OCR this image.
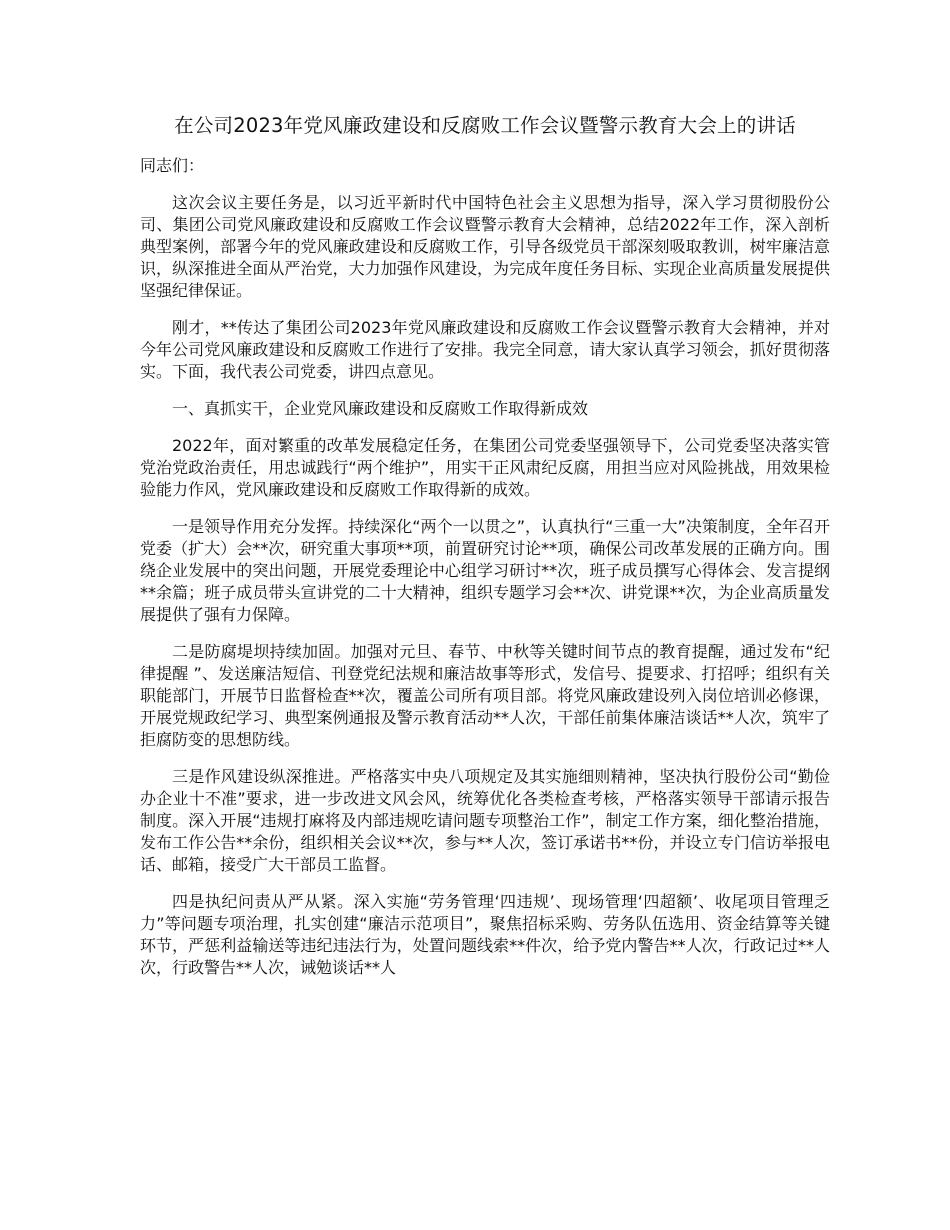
在公司2023年党风廉政建设和反腐败工作会议暨警示教育大会上的讲话

同志们：

这次会议主要任务是，以习近平新时代中国特色社会主义思想为指导，深入学习贯彻股份公司、集团公司党风廉政建设和反腐败工作会议暨警示教育大会精神，总结2022年工作，深入剖析典型案例，部署今年的党风廉政建设和反腐败工作，引导各级党员干部深刻吸取教训，树牢廉洁意识，纵深推进全面从严治党，大力加强作风建设，为完成年度任务目标、实现企业高质量发展提供坚强纪律保证。

刚才，**传达了集团公司2023年党风廉政建设和反腐败工作会议暨警示教育大会精神，并对今年公司党风廉政建设和反腐败工作进行了安排。我完全同意，请大家认真学习领会，抓好贯彻落实。下面，我代表公司党委，讲四点意见。

一、真抓实干，企业党风廉政建设和反腐败工作取得新成效

2022年，面对繁重的改革发展稳定任务，在集团公司党委坚强领导下，公司党委坚决落实管党治党政治责任，用忠诚践行“两个维护”，用实干正风肃纪反腐，用担当应对风险挑战，用效果检验能力作风，党风廉政建设和反腐败工作取得新的成效。

一是领导作用充分发挥。持续深化“两个一以贯之”，认真执行“三重一大”决策制度，全年召开党委（扩大）会**次，研究重大事项**项，前置研究讨论**项，确保公司改革发展的正确方向。围绕企业发展中的突出问题，开展党委理论中心组学习研讨**次，班子成员撰写心得体会、发言提纲**余篇；班子成员带头宣讲党的二十大精神，组织专题学习会**次、讲党课**次，为企业高质量发展提供了强有力保障。

二是防腐堤坝持续加固。加强对元旦、春节、中秋等关键时间节点的教育提醒，通过发布“纪律提醒 ”、发送廉洁短信、刊登党纪法规和廉洁故事等形式，发信号、提要求、打招呼；组织有关职能部门，开展节日监督检查**次，覆盖公司所有项目部。将党风廉政建设列入岗位培训必修课，开展党规政纪学习、典型案例通报及警示教育活动**人次，干部任前集体廉洁谈话**人次，筑牢了拒腐防变的思想防线。

三是作风建设纵深推进。严格落实中央八项规定及其实施细则精神，坚决执行股份公司“勤俭办企业十不准”要求，进一步改进文风会风，统筹优化各类检查考核，严格落实领导干部请示报告制度。深入开展“违规打麻将及内部违规吃请问题专项整治工作”，制定工作方案，细化整治措施，发布工作公告**余份，组织相关会议**次，参与**人次，签订承诺书**份，并设立专门信访举报电话、邮箱，接受广大干部员工监督。

四是执纪问责从严从紧。深入实施“劳务管理‘四违规’、现场管理‘四超额’、收尾项目管理乏力”等问题专项治理，扎实创建“廉洁示范项目”，聚焦招标采购、劳务队伍选用、资金结算等关键环节，严惩利益输送等违纪违法行为，处置问题线索**件次，给予党内警告**人次，行政记过**人次，行政警告**人次，诫勉谈话**人
